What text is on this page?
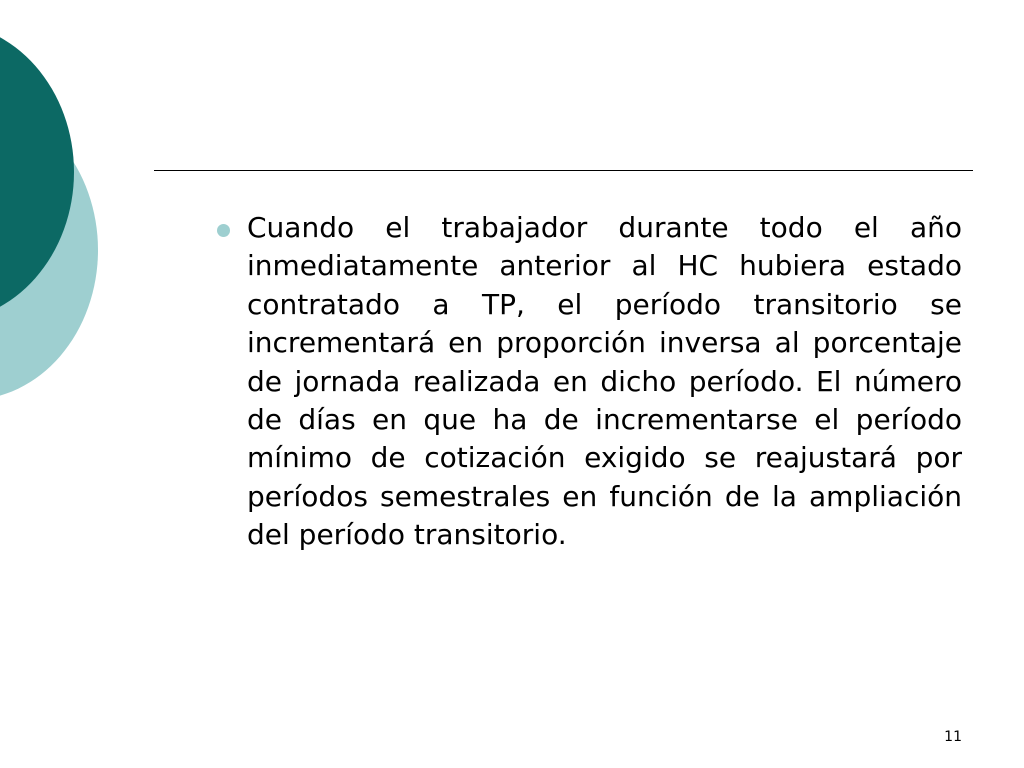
Cuando el trabajador durante todo el año inmediatamente anterior al HC hubiera estado contratado a TP, el período transitorio se incrementará en proporción inversa al porcentaje de jornada realizada en dicho período. El número de días en que ha de incrementarse el período mínimo de cotización exigido se reajustará por períodos semestrales en función de la ampliación del período transitorio.
11
